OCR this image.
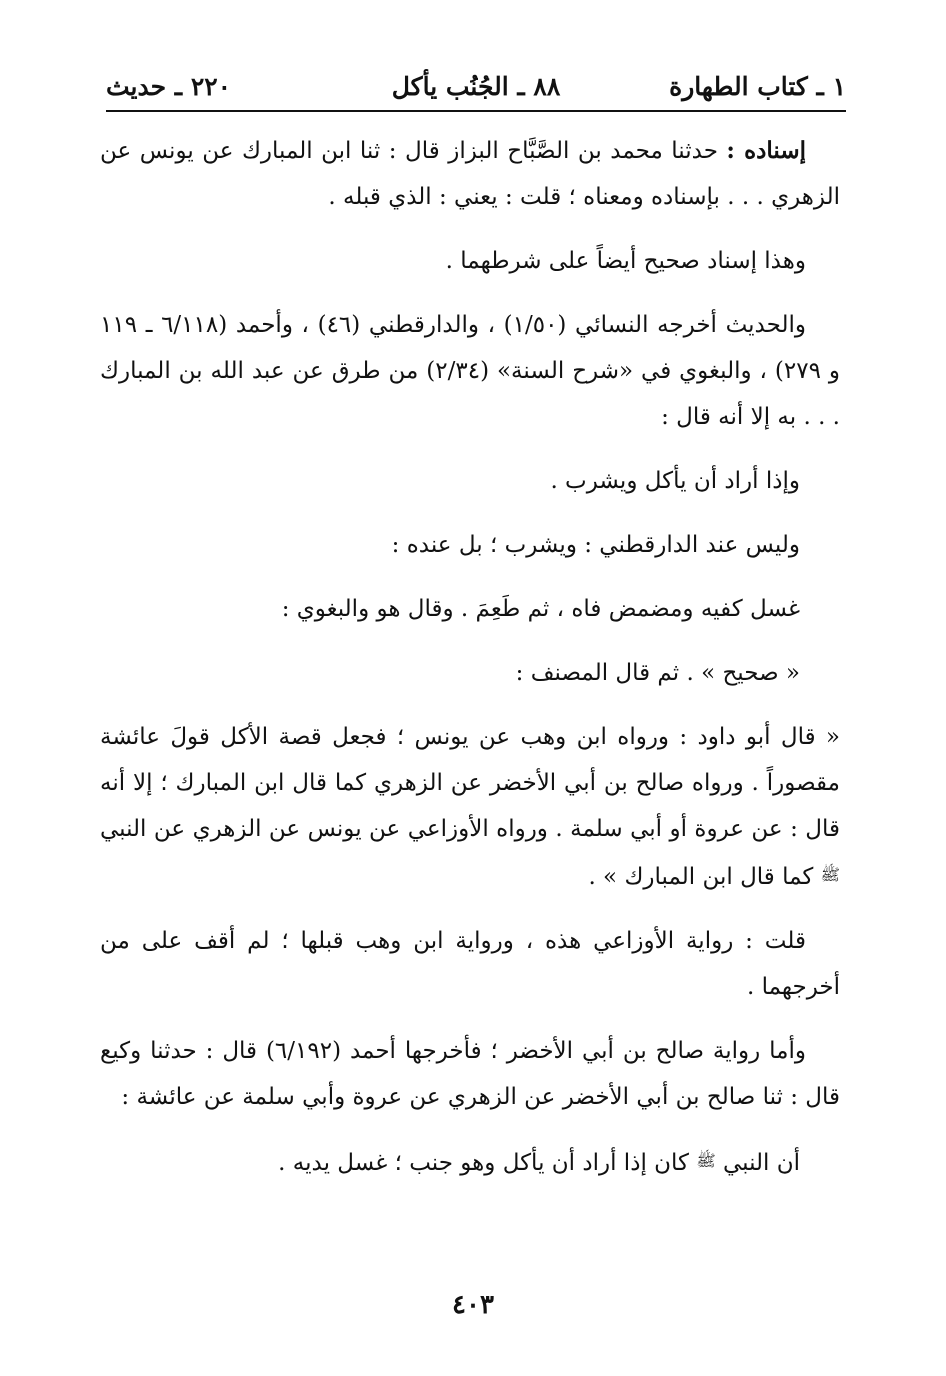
١ ـ كتاب الطهارة
٨٨ ـ الجُنُب يأكل
٢٢٠ ـ حديث

إسناده : حدثنا محمد بن الصَّبَّاح البزاز قال : ثنا ابن المبارك عن يونس عن الزهري . . . بإسناده ومعناه ؛ قلت : يعني : الذي قبله .

وهذا إسناد صحيح أيضاً على شرطهما .

والحديث أخرجه النسائي (١/٥٠) ، والدارقطني (٤٦) ، وأحمد (٦/١١٨ ـ ١١٩ و ٢٧٩) ، والبغوي في «شرح السنة» (٢/٣٤) من طرق عن عبد الله بن المبارك . . . به إلا أنه قال :

وإذا أراد أن يأكل ويشرب .

وليس عند الدارقطني : ويشرب ؛ بل عنده :

غسل كفيه ومضمض فاه ، ثم طَعِمَ . وقال هو والبغوي :

« صحيح » . ثم قال المصنف :

« قال أبو داود : ورواه ابن وهب عن يونس ؛ فجعل قصة الأكل قولَ عائشة مقصوراً . ورواه صالح بن أبي الأخضر عن الزهري كما قال ابن المبارك ؛ إلا أنه قال : عن عروة أو أبي سلمة . ورواه الأوزاعي عن يونس عن الزهري عن النبي ﷺ كما قال ابن المبارك » .

قلت : رواية الأوزاعي هذه ، ورواية ابن وهب قبلها ؛ لم أقف على من أخرجهما .

وأما رواية صالح بن أبي الأخضر ؛ فأخرجها أحمد (٦/١٩٢) قال : حدثنا وكيع قال : ثنا صالح بن أبي الأخضر عن الزهري عن عروة وأبي سلمة عن عائشة :

أن النبي ﷺ كان إذا أراد أن يأكل وهو جنب ؛ غسل يديه .

٤٠٣
